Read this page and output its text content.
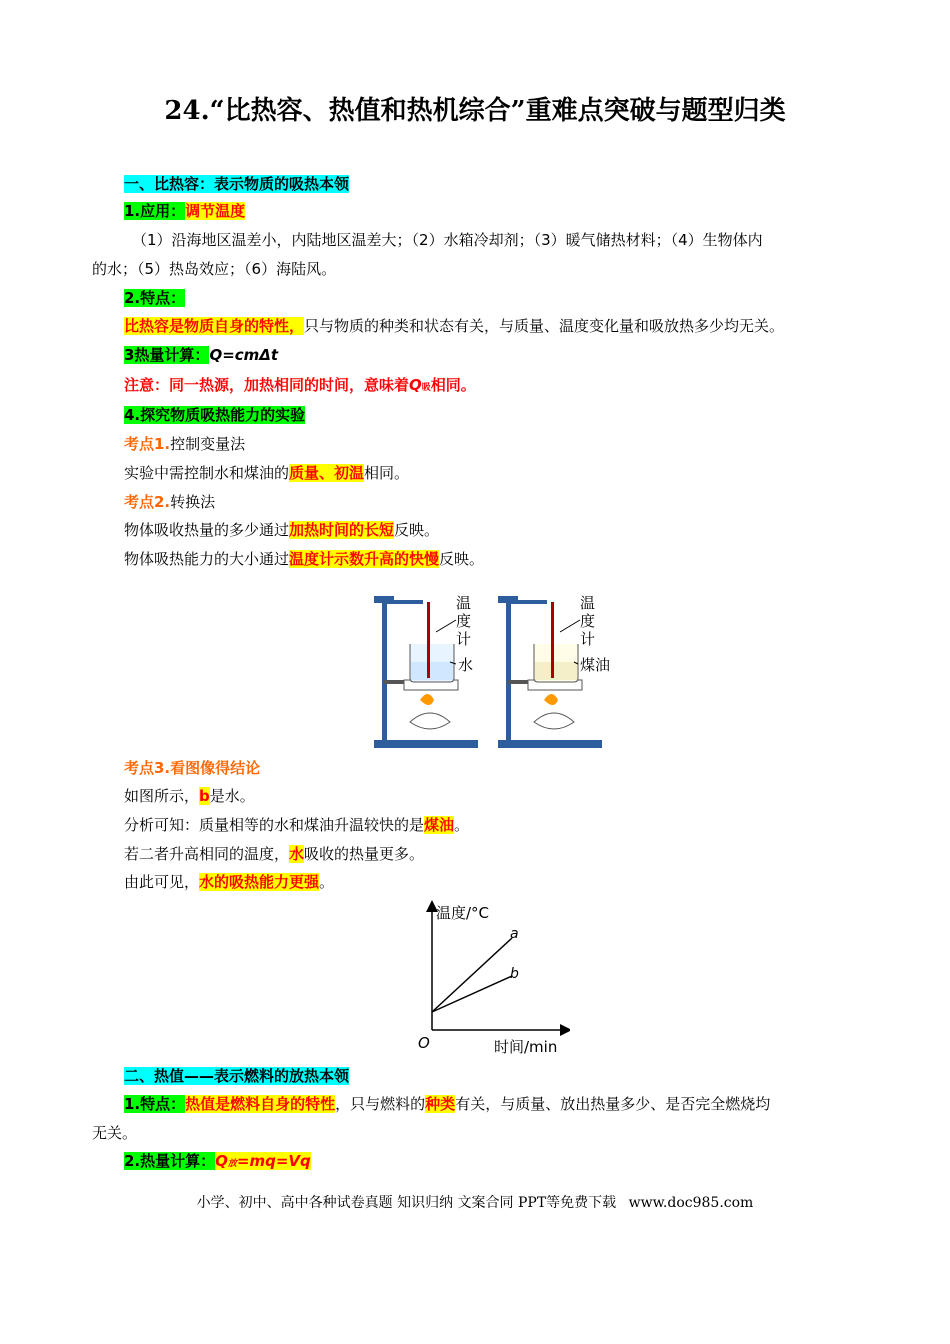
24.“比热容、热值和热机综合”重难点突破与题型归类
一、比热容：表示物质的吸热本领
1.应用：调节温度
（1）沿海地区温差小，内陆地区温差大；（2）水箱冷却剂；（3）暖气储热材料；（4）生物体内
的水；（5）热岛效应；（6）海陆风。
2.特点：
比热容是物质自身的特性，只与物质的种类和状态有关，与质量、温度变化量和吸放热多少均无关。
3热量计算：Q=cmΔt
注意：同一热源，加热相同的时间，意味着Q吸相同。
4.探究物质吸热能力的实验
考点1.控制变量法
实验中需控制水和煤油的质量、初温相同。
考点2.转换法
物体吸收热量的多少通过加热时间的长短反映。
物体吸热能力的大小通过温度计示数升高的快慢反映。
温
度
计
水
温
度
计
煤油
考点3.看图像得结论
如图所示，b是水。
分析可知：质量相等的水和煤油升温较快的是煤油。
若二者升高相同的温度，水吸收的热量更多。
由此可见，水的吸热能力更强。
温度/°C
时间/min
O
a
b
二、热值——表示燃料的放热本领
1.特点：热值是燃料自身的特性，只与燃料的种类有关，与质量、放出热量多少、是否完全燃烧均
无关。
2.热量计算：Q放=mq=Vq
小学、初中、高中各种试卷真题 知识归纳 文案合同 PPT等免费下载 www.doc985.com
